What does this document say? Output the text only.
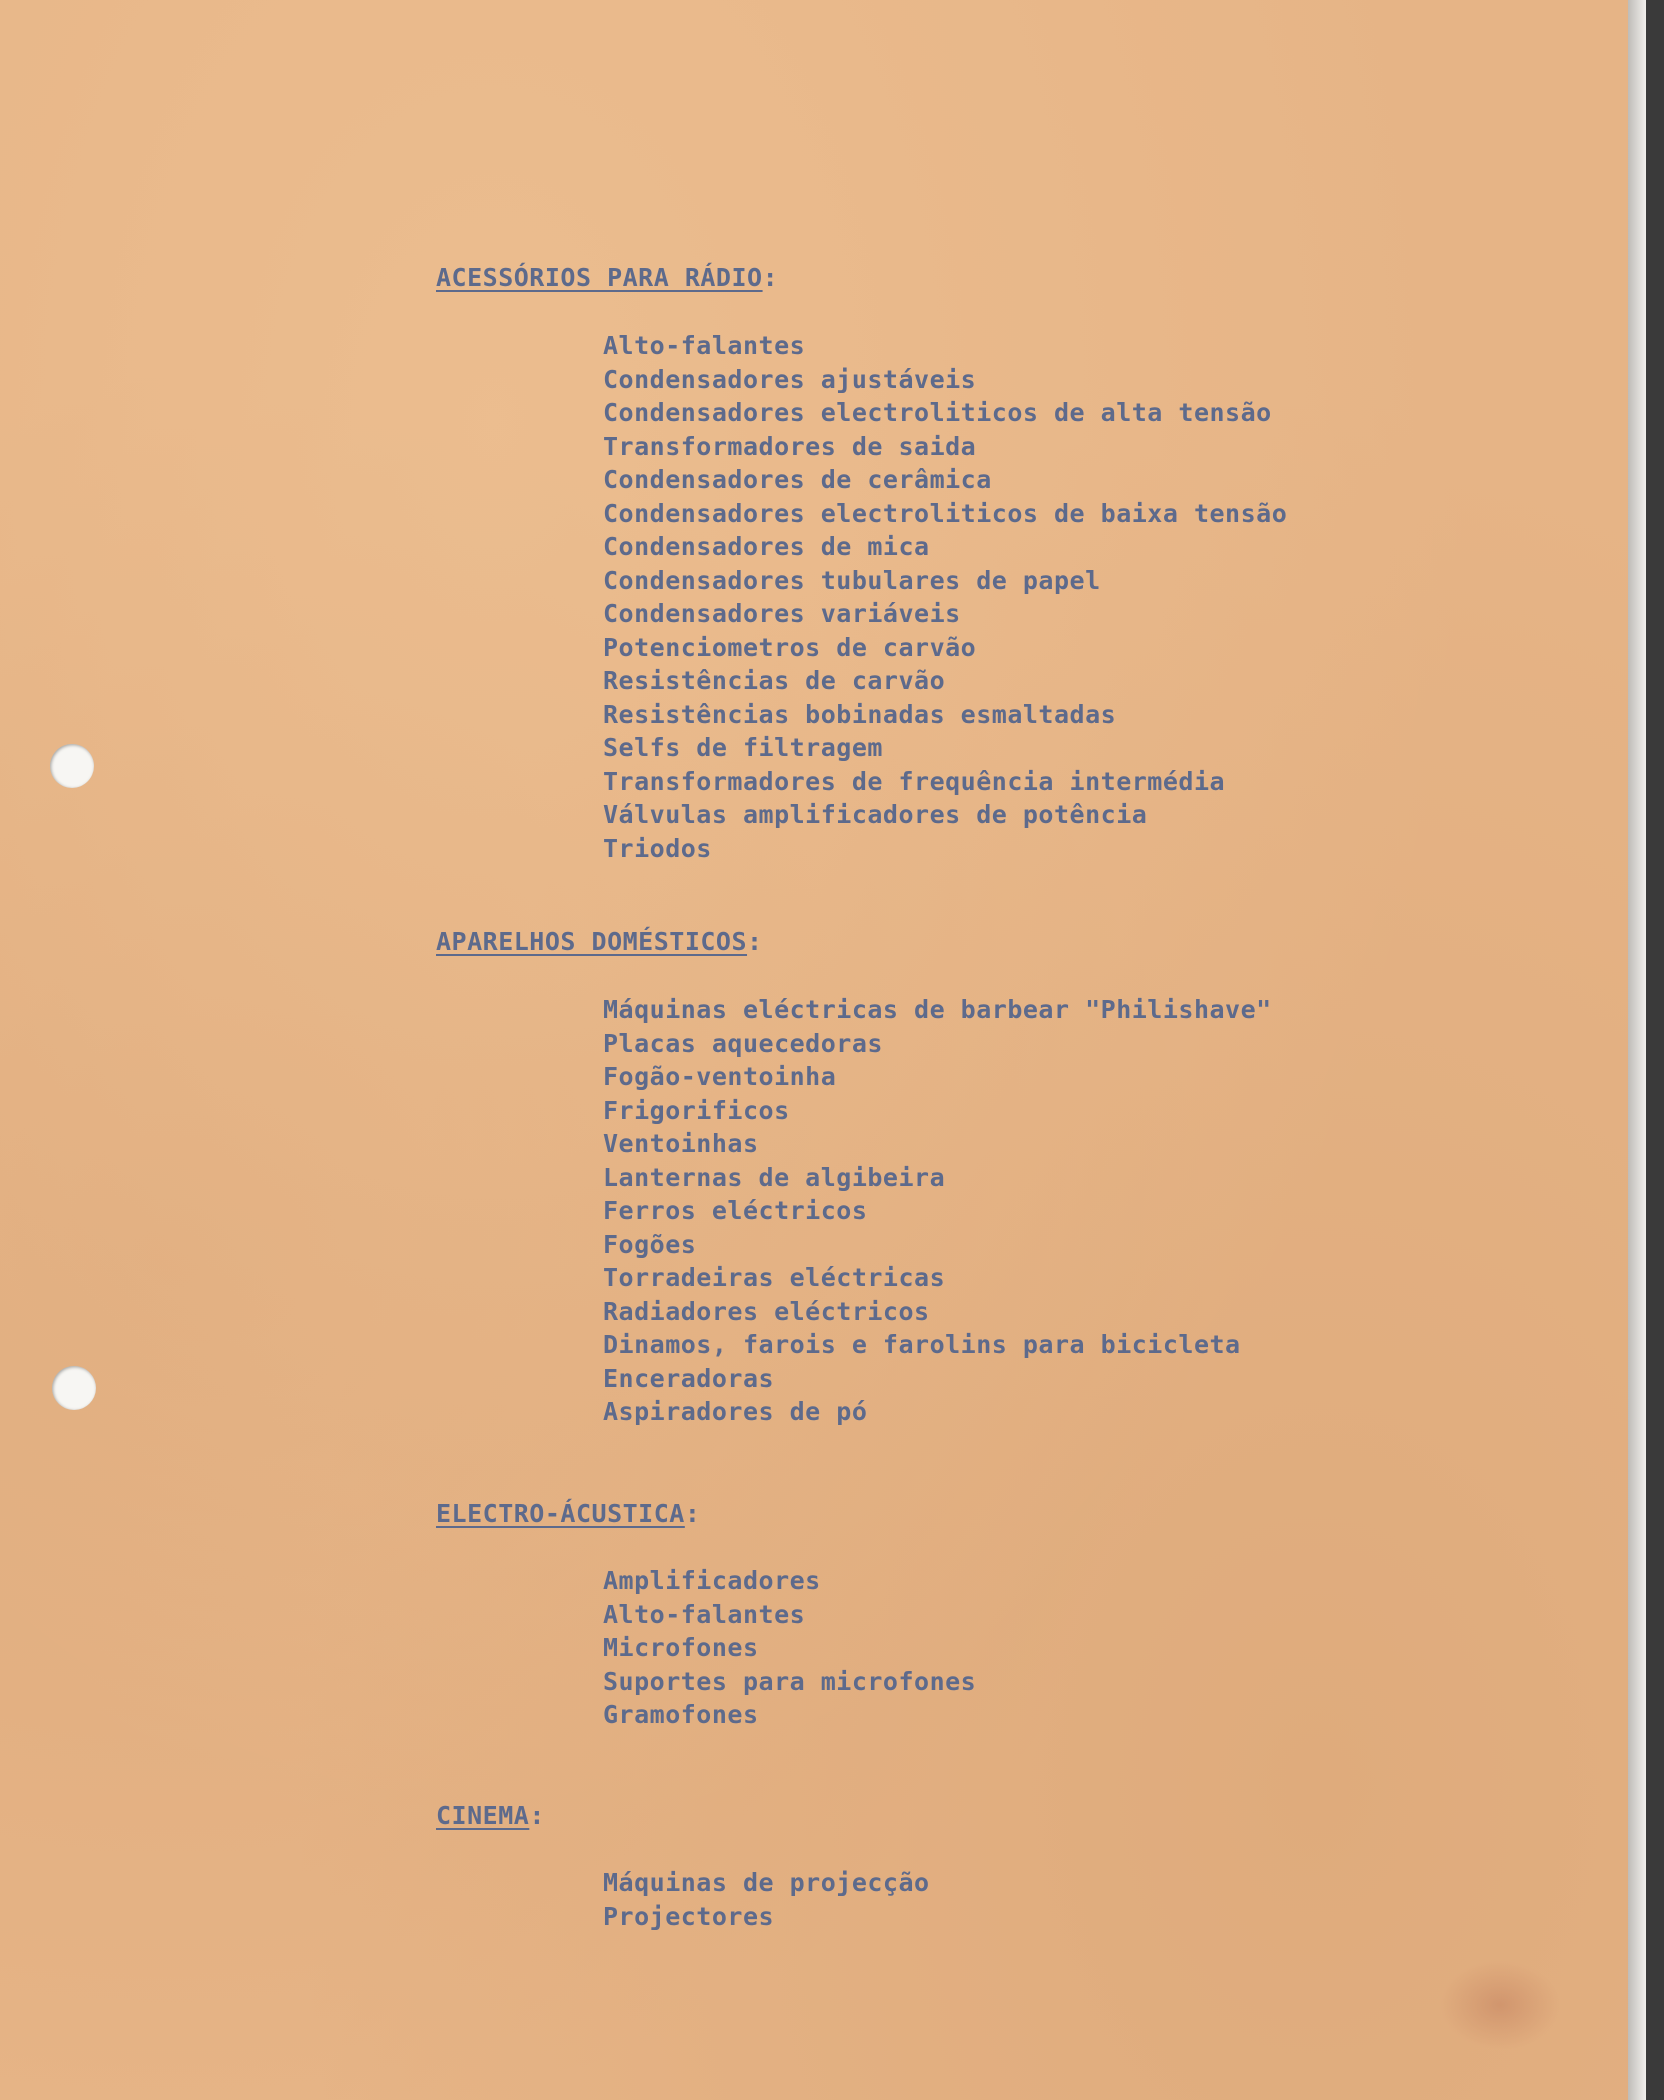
ACESSÓRIOS PARA RÁDIO:
Alto-falantes
Condensadores ajustáveis
Condensadores electroliticos de alta tensão
Transformadores de saida
Condensadores de cerâmica
Condensadores electroliticos de baixa tensão
Condensadores de mica
Condensadores tubulares de papel
Condensadores variáveis
Potenciometros de carvão
Resistências de carvão
Resistências bobinadas esmaltadas
Selfs de filtragem
Transformadores de frequência intermédia
Válvulas amplificadores de potência
Triodos
APARELHOS DOMÉSTICOS:
Máquinas eléctricas de barbear "Philishave"
Placas aquecedoras
Fogão-ventoinha
Frigorificos
Ventoinhas
Lanternas de algibeira
Ferros eléctricos
Fogões
Torradeiras eléctricas
Radiadores eléctricos
Dinamos, farois e farolins para bicicleta
Enceradoras
Aspiradores de pó
ELECTRO-ÁCUSTICA:
Amplificadores
Alto-falantes
Microfones
Suportes para microfones
Gramofones
CINEMA:
Máquinas de projecção
Projectores
